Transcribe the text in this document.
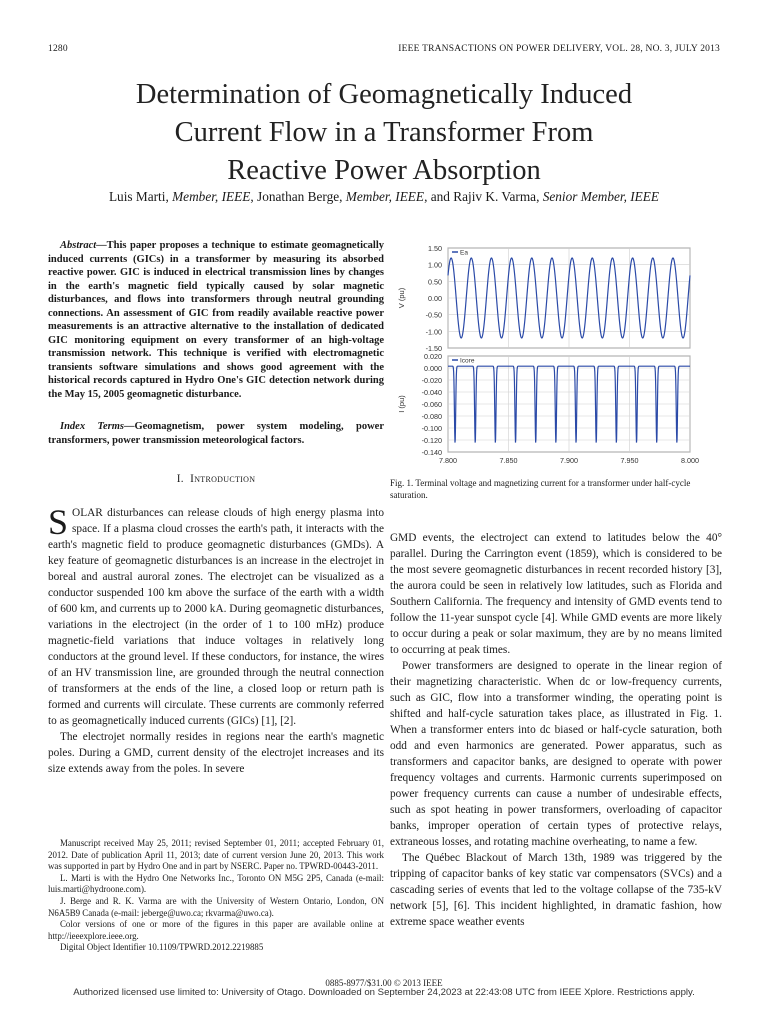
1280	IEEE TRANSACTIONS ON POWER DELIVERY, VOL. 28, NO. 3, JULY 2013
Determination of Geomagnetically Induced
Current Flow in a Transformer From
Reactive Power Absorption
Luis Marti, Member, IEEE, Jonathan Berge, Member, IEEE, and Rajiv K. Varma, Senior Member, IEEE

Abstract—This paper proposes a technique to estimate geomagnetically induced currents (GICs) in a transformer by measuring its absorbed reactive power. GIC is induced in electrical transmission lines by changes in the earth's magnetic field typically caused by solar magnetic disturbances, and flows into transformers through neutral grounding connections. An assessment of GIC from readily available reactive power measurements is an attractive alternative to the installation of dedicated GIC monitoring equipment on every transformer of an high-voltage transmission network. This technique is verified with electromagnetic transients software simulations and shows good agreement with the historical records captured in Hydro One's GIC detection network during the May 15, 2005 geomagnetic disturbance.

Index Terms—Geomagnetism, power system modeling, power transformers, power transmission meteorological factors.

I. Introduction

SOLAR disturbances can release clouds of high energy plasma into space. If a plasma cloud crosses the earth's path, it interacts with the earth's magnetic field to produce geomagnetic disturbances (GMDs). A key feature of geomagnetic disturbances is an increase in the electrojet in boreal and austral auroral zones. The electrojet can be visualized as a conductor suspended 100 km above the surface of the earth with a width of 600 km, and currents up to 2000 kA. During geomagnetic disturbances, variations in the electroject (in the order of 1 to 100 mHz) produce magnetic-field variations that induce voltages in relatively long conductors at the ground level. If these conductors, for instance, the wires of an HV transmission line, are grounded through the neutral connection of transformers at the ends of the line, a closed loop or return path is formed and currents will circulate. These currents are commonly referred to as geomagnetically induced currents (GICs) [1], [2].

The electrojet normally resides in regions near the earth's magnetic poles. During a GMD, current density of the electrojet increases and its size extends away from the poles. In severe

Manuscript received May 25, 2011; revised September 01, 2011; accepted February 01, 2012. Date of publication April 11, 2013; date of current version June 20, 2013. This work was supported in part by Hydro One and in part by NSERC. Paper no. TPWRD-00443-2011.

L. Marti is with the Hydro One Networks Inc., Toronto ON M5G 2P5, Canada (e-mail: luis.marti@hydroone.com).

J. Berge and R. K. Varma are with the University of Western Ontario, London, ON N6A5B9 Canada (e-mail: jeberge@uwo.ca; rkvarma@uwo.ca).

Color versions of one or more of the figures in this paper are available online at http://ieeexplore.ieee.org.

Digital Object Identifier 10.1109/TPWRD.2012.2219885

1.50
1.00
0.50
0.00
-0.50
-1.00
-1.50
V (pu)
Ea
0.020
0.000
-0.020
-0.040
-0.060
-0.080
-0.100
-0.120
-0.140
I (pu)
Icore
7.800	7.850	7.900	7.950	8.000
Fig. 1. Terminal voltage and magnetizing current for a transformer under half-cycle saturation.

GMD events, the electroject can extend to latitudes below the 40° parallel. During the Carrington event (1859), which is considered to be the most severe geomagnetic disturbances in recent recorded history [3], the aurora could be seen in relatively low latitudes, such as Florida and Southern California. The frequency and intensity of GMD events tend to follow the 11-year sunspot cycle [4]. While GMD events are more likely to occur during a peak or solar maximum, they are by no means limited to occurring at peak times.

Power transformers are designed to operate in the linear region of their magnetizing characteristic. When dc or low-frequency currents, such as GIC, flow into a transformer winding, the operating point is shifted and half-cycle saturation takes place, as illustrated in Fig. 1. When a transformer enters into dc biased or half-cycle saturation, both odd and even harmonics are generated. Power apparatus, such as transformers and capacitor banks, are designed to operate with power frequency voltages and currents. Harmonic currents superimposed on power frequency currents can cause a number of undesirable effects, such as spot heating in power transformers, overloading of capacitor banks, improper operation of certain types of protective relays, extraneous losses, and rotating machine overheating, to name a few.

The Québec Blackout of March 13th, 1989 was triggered by the tripping of capacitor banks of key static var compensators (SVCs) and a cascading series of events that led to the voltage collapse of the 735-kV network [5], [6]. This incident highlighted, in dramatic fashion, how extreme space weather events

0885-8977/$31.00 © 2013 IEEE
Authorized licensed use limited to: University of Otago. Downloaded on September 24,2023 at 22:43:08 UTC from IEEE Xplore. Restrictions apply.
